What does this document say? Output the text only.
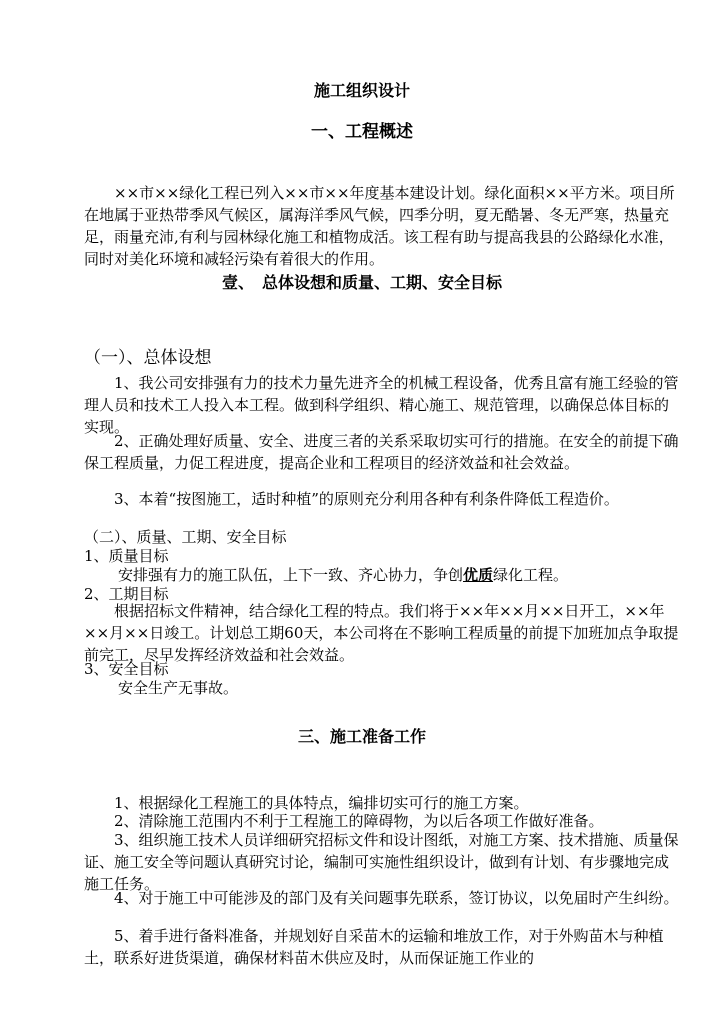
施工组织设计
一、工程概述

××市××绿化工程已列入××市××年度基本建设计划。绿化面积××平方米。项目所在地属于亚热带季风气候区，属海洋季风气候，四季分明，夏无酷暑、冬无严寒，热量充足，雨量充沛,有利与园林绿化施工和植物成活。该工程有助与提高我县的公路绿化水准，同时对美化环境和减轻污染有着很大的作用。

壹、　总体设想和质量、工期、安全目标

（一）、总体设想

1、我公司安排强有力的技术力量先进齐全的机械工程设备，优秀且富有施工经验的管理人员和技术工人投入本工程。做到科学组织、精心施工、规范管理，以确保总体目标的实现。

2、正确处理好质量、安全、进度三者的关系采取切实可行的措施。在安全的前提下确保工程质量，力促工程进度，提高企业和工程项目的经济效益和社会效益。

3、本着“按图施工，适时种植”的原则充分利用各种有利条件降低工程造价。

（二）、质量、工期、安全目标

1、质量目标

安排强有力的施工队伍，上下一致、齐心协力，争创优质绿化工程。

2、工期目标

根据招标文件精神，结合绿化工程的特点。我们将于××年××月××日开工，××年××月××日竣工。计划总工期60天，本公司将在不影响工程质量的前提下加班加点争取提前完工，尽早发挥经济效益和社会效益。

3、安全目标

安全生产无事故。

三、施工准备工作

1、根据绿化工程施工的具体特点，编排切实可行的施工方案。

2、清除施工范围内不利于工程施工的障碍物，为以后各项工作做好准备。

3、组织施工技术人员详细研究招标文件和设计图纸，对施工方案、技术措施、质量保证、施工安全等问题认真研究讨论，编制可实施性组织设计，做到有计划、有步骤地完成施工任务。

4、对于施工中可能涉及的部门及有关问题事先联系，签订协议，以免届时产生纠纷。

5、着手进行备料准备，并规划好自采苗木的运输和堆放工作，对于外购苗木与种植土，联系好进货渠道，确保材料苗木供应及时，从而保证施工作业的
